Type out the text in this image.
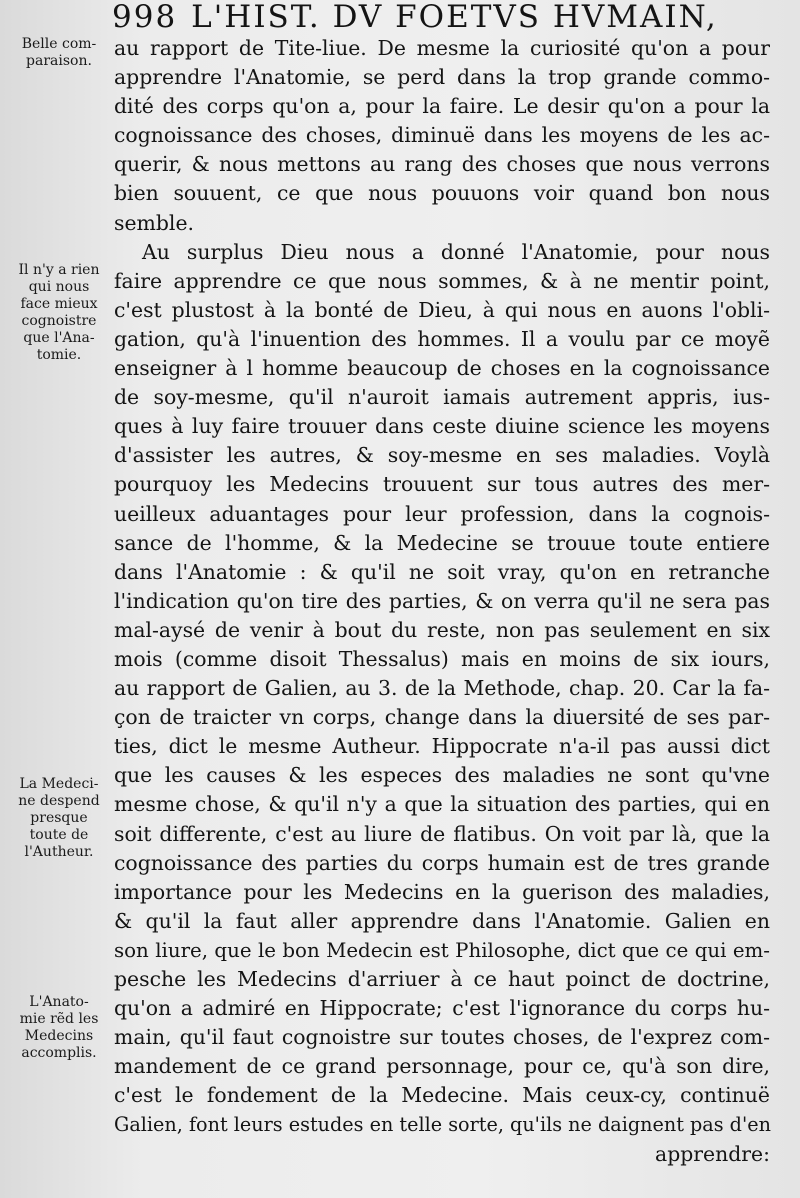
998 L'HIST. DV FOETVS HVMAIN,
Belle com-
paraison.
Il n'y a rien
qui nous
face mieux
cognoistre
que l'Ana-
tomie.
La Medeci-
ne despend
presque
toute de
l'Autheur.
L'Anato-
mie rẽd les
Medecins
accomplis.
au rapport de Tite-liue. De mesme la curiosité qu'on a pour
apprendre l'Anatomie, se perd dans la trop grande commo-
dité des corps qu'on a, pour la faire. Le desir qu'on a pour la
cognoissance des choses, diminuë dans les moyens de les ac-
querir, & nous mettons au rang des choses que nous verrons
bien souuent, ce que nous pouuons voir quand bon nous
semble.
Au surplus Dieu nous a donné l'Anatomie, pour nous
faire apprendre ce que nous sommes, & à ne mentir point,
c'est plustost à la bonté de Dieu, à qui nous en auons l'obli-
gation, qu'à l'inuention des hommes. Il a voulu par ce moyẽ
enseigner à l homme beaucoup de choses en la cognoissance
de soy-mesme, qu'il n'auroit iamais autrement appris, ius-
ques à luy faire trouuer dans ceste diuine science les moyens
d'assister les autres, & soy-mesme en ses maladies. Voylà
pourquoy les Medecins trouuent sur tous autres des mer-
ueilleux aduantages pour leur profession, dans la cognois-
sance de l'homme, & la Medecine se trouue toute entiere
dans l'Anatomie : & qu'il ne soit vray, qu'on en retranche
l'indication qu'on tire des parties, & on verra qu'il ne sera pas
mal-aysé de venir à bout du reste, non pas seulement en six
mois (comme disoit Thessalus) mais en moins de six iours,
au rapport de Galien, au 3. de la Methode, chap. 20. Car la fa-
çon de traicter vn corps, change dans la diuersité de ses par-
ties, dict le mesme Autheur. Hippocrate n'a-il pas aussi dict
que les causes & les especes des maladies ne sont qu'vne
mesme chose, & qu'il n'y a que la situation des parties, qui en
soit differente, c'est au liure de flatibus. On voit par là, que la
cognoissance des parties du corps humain est de tres grande
importance pour les Medecins en la guerison des maladies,
& qu'il la faut aller apprendre dans l'Anatomie. Galien en
son liure, que le bon Medecin est Philosophe, dict que ce qui em-
pesche les Medecins d'arriuer à ce haut poinct de doctrine,
qu'on a admiré en Hippocrate; c'est l'ignorance du corps hu-
main, qu'il faut cognoistre sur toutes choses, de l'exprez com-
mandement de ce grand personnage, pour ce, qu'à son dire,
c'est le fondement de la Medecine. Mais ceux-cy, continuë
Galien, font leurs estudes en telle sorte, qu'ils ne daignent pas d'en
apprendre:
